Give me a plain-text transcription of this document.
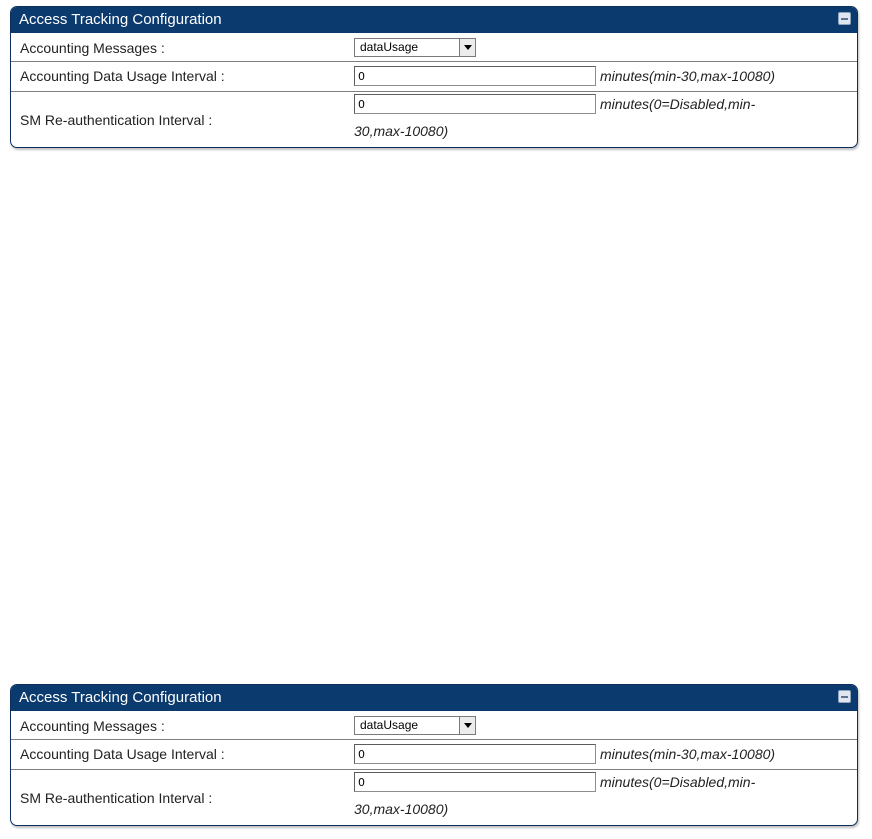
Access Tracking Configuration
Accounting Messages :	dataUsage
Accounting Data Usage Interval :
0	minutes(min-30,max-10080)
SM Re-authentication Interval :
0
minutes(0=Disabled,min-
30,max-10080)
Access Tracking Configuration
Accounting Messages :	dataUsage
Accounting Data Usage Interval :
0	minutes(min-30,max-10080)
SM Re-authentication Interval :
0
minutes(0=Disabled,min-
30,max-10080)
